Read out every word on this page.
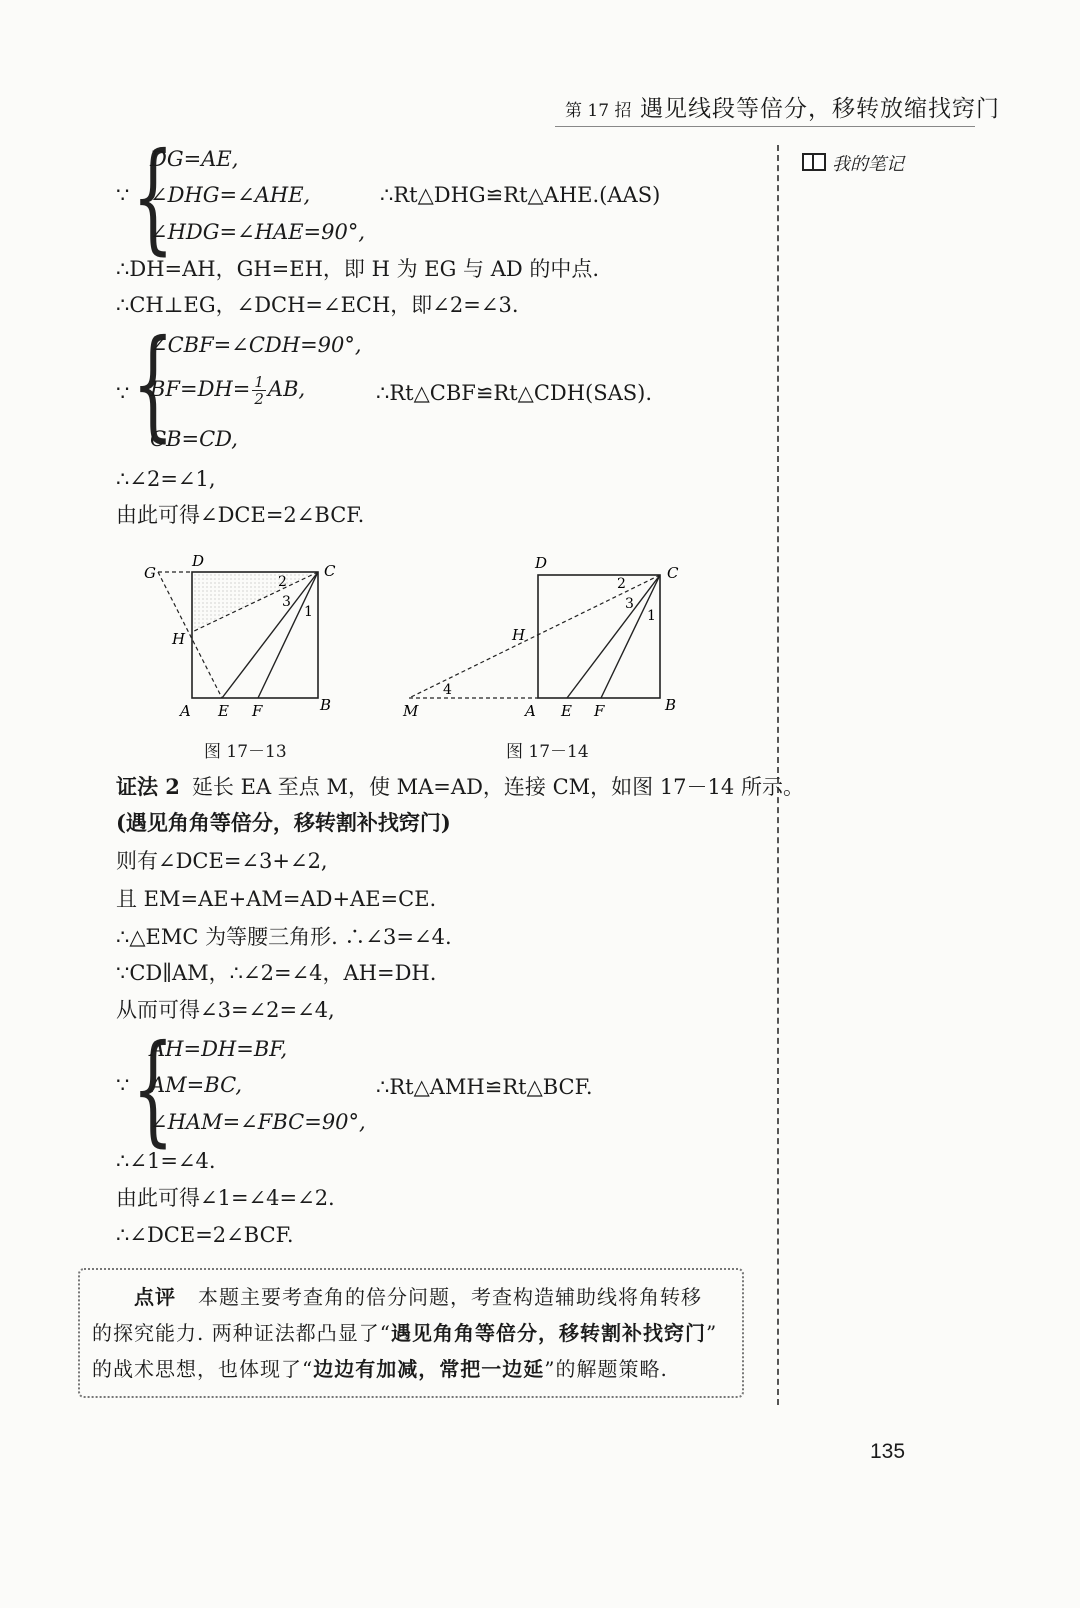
第 17 招 遇见线段等倍分，移转放缩找窍门
我的笔记
∵ {
DG=AE,
∠DHG=∠AHE,
∠HDG=∠HAE=90°,
∴Rt△DHG≌Rt△AHE.(AAS)
∴DH=AH，GH=EH，即 H 为 EG 与 AD 的中点.
∴CH⊥EG，∠DCH=∠ECH，即∠2=∠3.
∵ {
∠CBF=∠CDH=90°,
$BF=DH= \frac{1}{2}$ AB,
CB=CD,
∴Rt△CBF≌Rt△CDH(SAS).
∴∠2=∠1,
由此可得∠DCE=2∠BCF.
G
D
C
H
A E F	B
2
3
1
图 17－13
D
C
H
M	A E F	B
2
3
1
4
图 17－14
证法 2 延长 EA 至点 M，使 MA=AD，连接 CM，如图 17－14 所示。
(遇见角角等倍分，移转割补找窍门)
则有∠DCE=∠3+∠2,
且 EM=AE+AM=AD+AE=CE.
∴△EMC 为等腰三角形. ∴∠3=∠4.
∵CD∥AM，∴∠2=∠4，AH=DH.
从而可得∠3=∠2=∠4,
∵ {
AH=DH=BF,
AM=BC,
∠HAM=∠FBC=90°,
∴Rt△AMH≌Rt△BCF.
∴∠1=∠4.
由此可得∠1=∠4=∠2.
∴∠DCE=2∠BCF.
点评 本题主要考查角的倍分问题，考查构造辅助线将角转移
的探究能力. 两种证法都凸显了“遇见角角等倍分，移转割补找窍门”
的战术思想，也体现了“边边有加减，常把一边延”的解题策略.
135
